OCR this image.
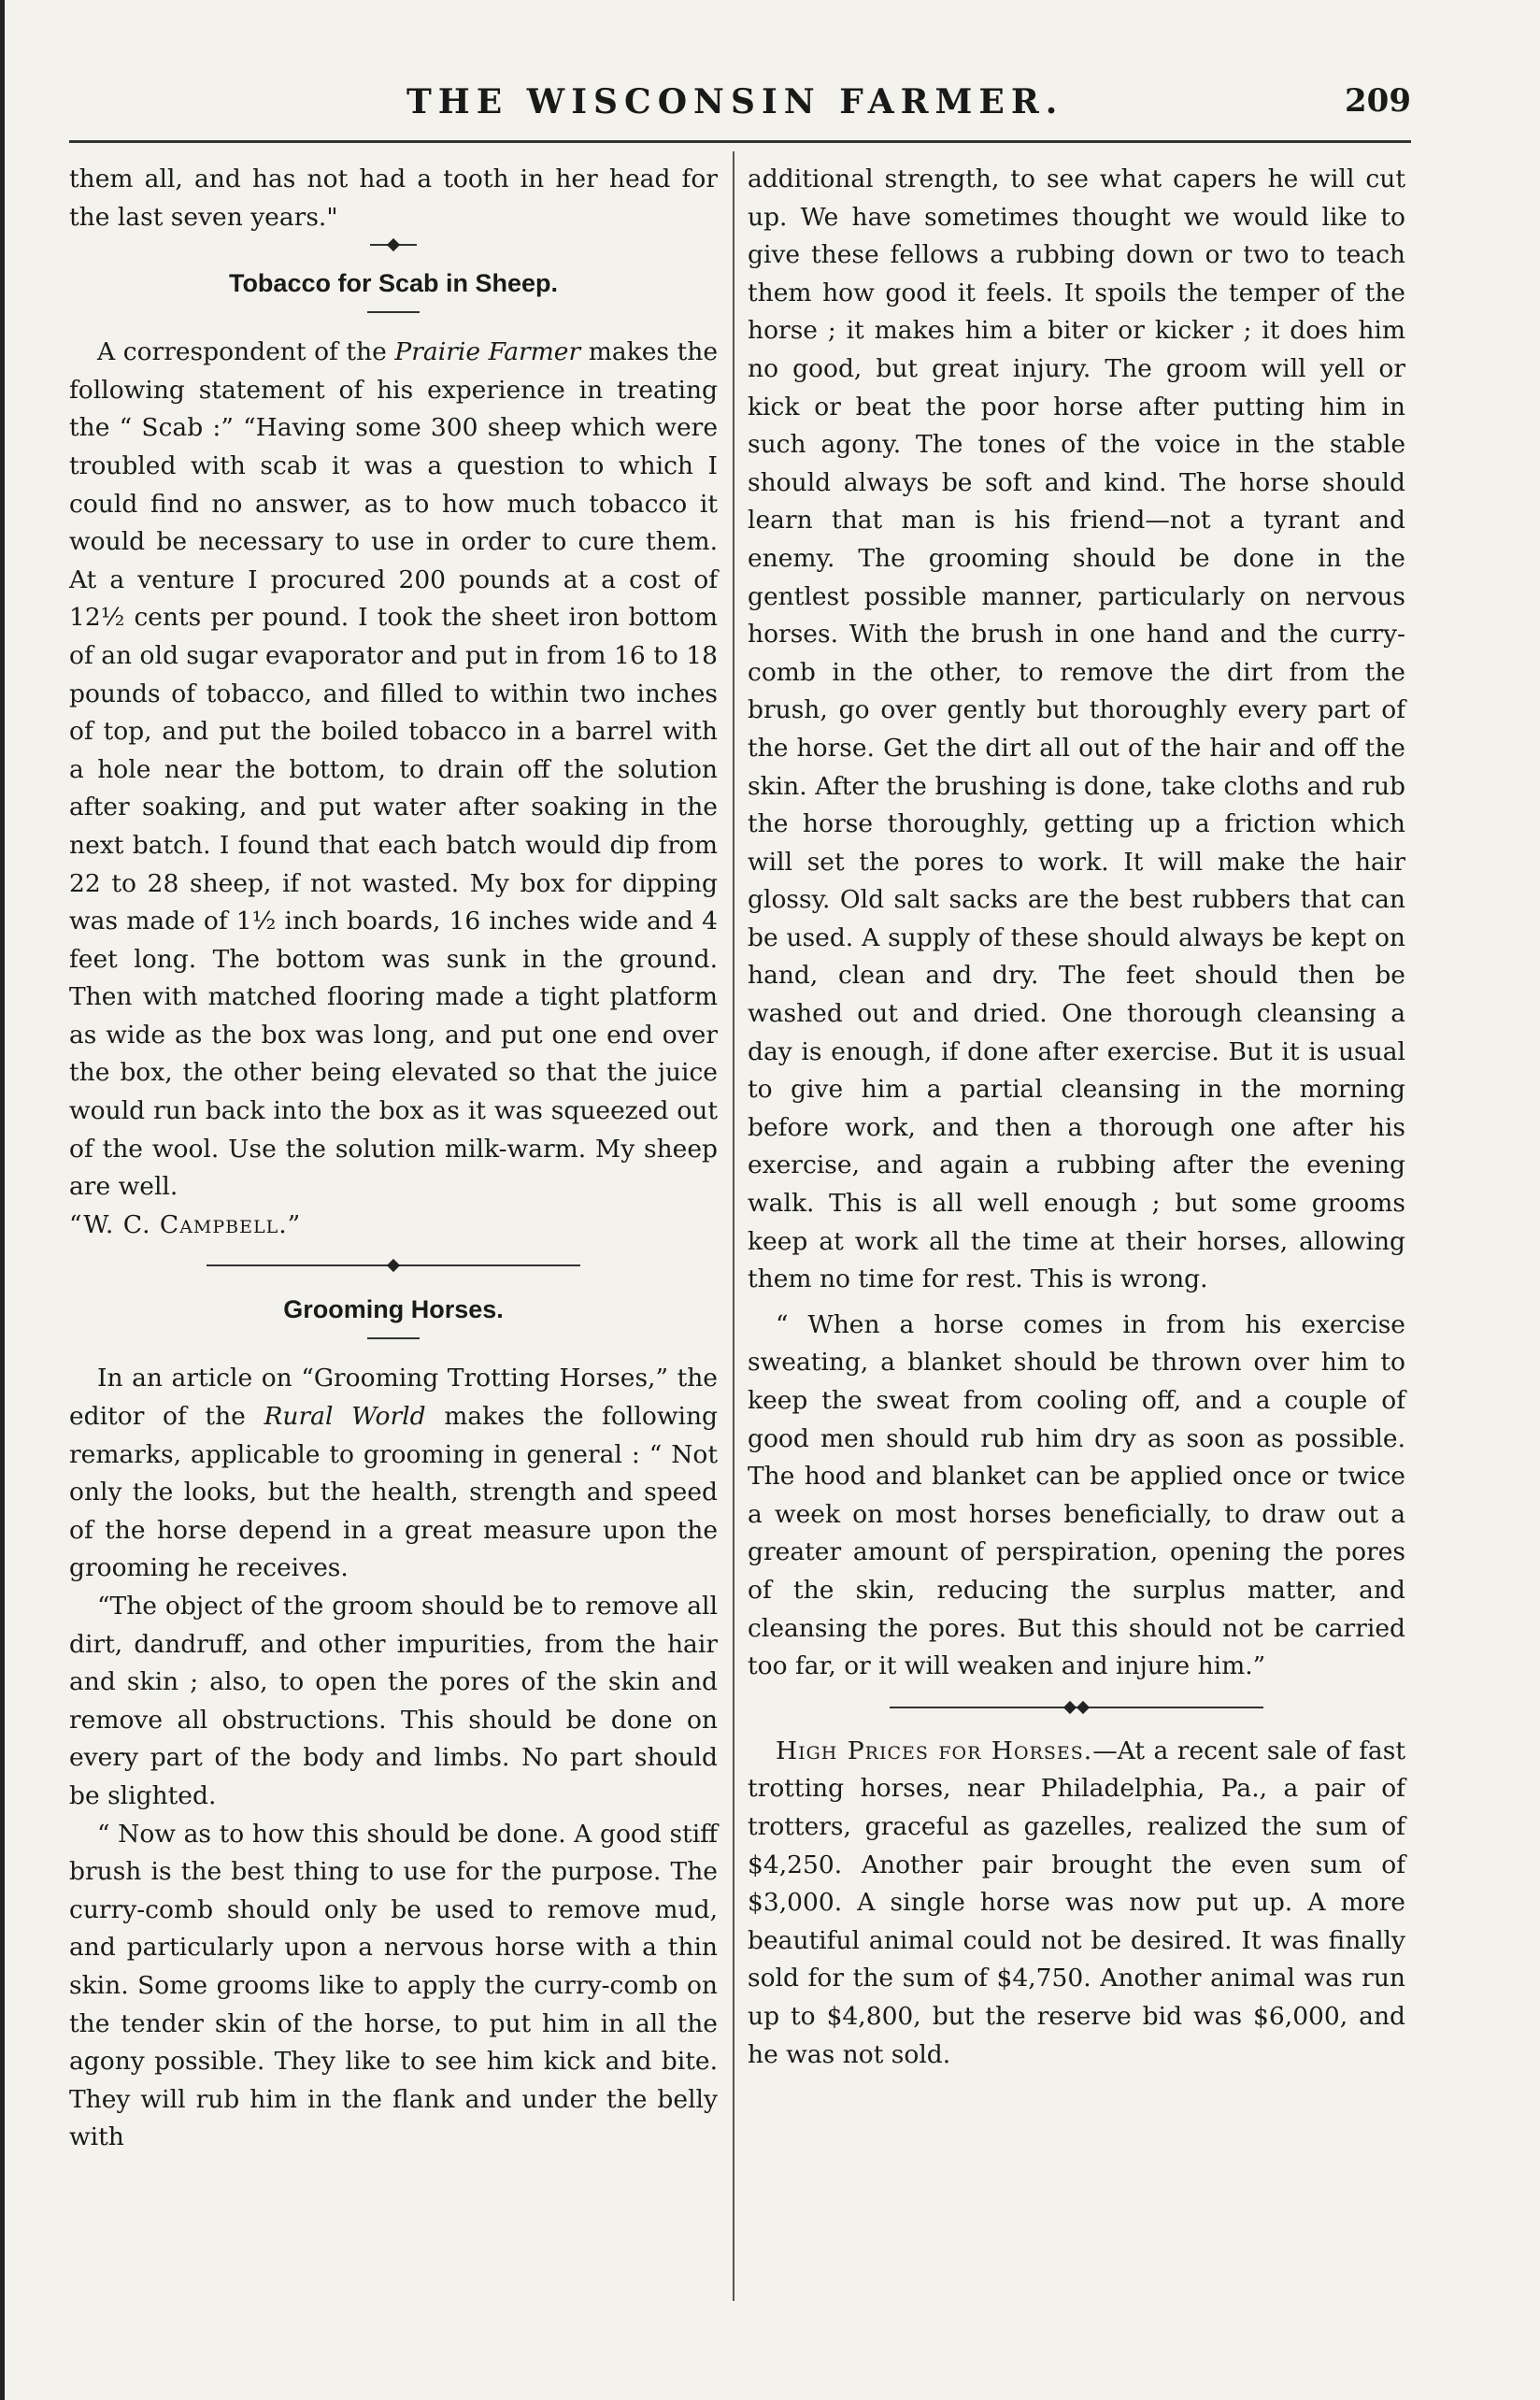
THE WISCONSIN FARMER.	209

them all, and has not had a tooth in her head for the last seven years."

Tobacco for Scab in Sheep.

A correspondent of the Prairie Farmer makes the following statement of his experience in treating the “ Scab :” “Having some 300 sheep which were troubled with scab it was a question to which I could find no answer, as to how much tobacco it would be necessary to use in order to cure them. At a venture I procured 200 pounds at a cost of 12½ cents per pound. I took the sheet iron bottom of an old sugar evaporator and put in from 16 to 18 pounds of tobacco, and filled to within two inches of top, and put the boiled tobacco in a barrel with a hole near the bottom, to drain off the solution after soaking, and put water after soaking in the next batch. I found that each batch would dip from 22 to 28 sheep, if not wasted. My box for dipping was made of 1½ inch boards, 16 inches wide and 4 feet long. The bottom was sunk in the ground. Then with matched flooring made a tight platform as wide as the box was long, and put one end over the box, the other being elevated so that the juice would run back into the box as it was squeezed out of the wool. Use the solution milk-warm. My sheep are well.

“W. C. Campbell.”

Grooming Horses.

In an article on “Grooming Trotting Horses,” the editor of the Rural World makes the following remarks, applicable to grooming in general : “ Not only the looks, but the health, strength and speed of the horse depend in a great measure upon the grooming he receives.

“The object of the groom should be to remove all dirt, dandruff, and other impurities, from the hair and skin ; also, to open the pores of the skin and remove all obstructions. This should be done on every part of the body and limbs. No part should be slighted.

“ Now as to how this should be done. A good stiff brush is the best thing to use for the purpose. The curry-comb should only be used to remove mud, and particularly upon a nervous horse with a thin skin. Some grooms like to apply the curry-comb on the tender skin of the horse, to put him in all the agony possible. They like to see him kick and bite. They will rub him in the flank and under the belly with

additional strength, to see what capers he will cut up. We have sometimes thought we would like to give these fellows a rubbing down or two to teach them how good it feels. It spoils the temper of the horse ; it makes him a biter or kicker ; it does him no good, but great injury. The groom will yell or kick or beat the poor horse after putting him in such agony. The tones of the voice in the stable should always be soft and kind. The horse should learn that man is his friend—not a tyrant and enemy. The grooming should be done in the gentlest possible manner, particularly on nervous horses. With the brush in one hand and the curry-comb in the other, to remove the dirt from the brush, go over gently but thoroughly every part of the horse. Get the dirt all out of the hair and off the skin. After the brushing is done, take cloths and rub the horse thoroughly, getting up a friction which will set the pores to work. It will make the hair glossy. Old salt sacks are the best rubbers that can be used. A supply of these should always be kept on hand, clean and dry. The feet should then be washed out and dried. One thorough cleansing a day is enough, if done after exercise. But it is usual to give him a partial cleansing in the morning before work, and then a thorough one after his exercise, and again a rubbing after the evening walk. This is all well enough ; but some grooms keep at work all the time at their horses, allowing them no time for rest. This is wrong.

“ When a horse comes in from his exercise sweating, a blanket should be thrown over him to keep the sweat from cooling off, and a couple of good men should rub him dry as soon as possible. The hood and blanket can be applied once or twice a week on most horses beneficially, to draw out a greater amount of perspiration, opening the pores of the skin, reducing the surplus matter, and cleansing the pores. But this should not be carried too far, or it will weaken and injure him.”

High Prices for Horses.—At a recent sale of fast trotting horses, near Philadelphia, Pa., a pair of trotters, graceful as gazelles, realized the sum of $4,250. Another pair brought the even sum of $3,000. A single horse was now put up. A more beautiful animal could not be desired. It was finally sold for the sum of $4,750. Another animal was run up to $4,800, but the reserve bid was $6,000, and he was not sold.
